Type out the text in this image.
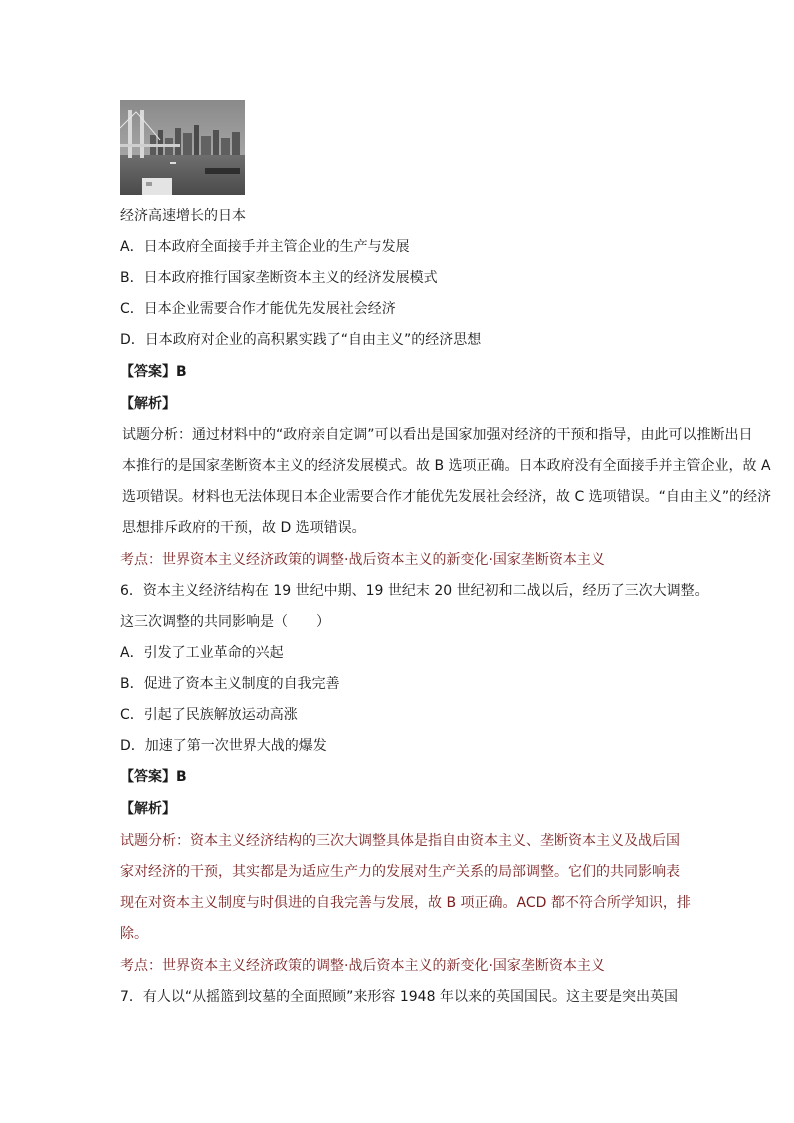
经济高速增长的日本
A．日本政府全面接手并主管企业的生产与发展
B．日本政府推行国家垄断资本主义的经济发展模式
C．日本企业需要合作才能优先发展社会经济
D．日本政府对企业的高积累实践了“自由主义”的经济思想
【答案】B
【解析】
试题分析：通过材料中的“政府亲自定调”可以看出是国家加强对经济的干预和指导，由此可以推断出日
本推行的是国家垄断资本主义的经济发展模式。故 B 选项正确。日本政府没有全面接手并主管企业，故 A
选项错误。材料也无法体现日本企业需要合作才能优先发展社会经济，故 C 选项错误。“自由主义”的经济
思想排斥政府的干预，故 D 选项错误。
考点：世界资本主义经济政策的调整·战后资本主义的新变化·国家垄断资本主义
6．资本主义经济结构在 19 世纪中期、19 世纪末 20 世纪初和二战以后，经历了三次大调整。
这三次调整的共同影响是（　　）
A．引发了工业革命的兴起
B．促进了资本主义制度的自我完善
C．引起了民族解放运动高涨
D．加速了第一次世界大战的爆发
【答案】B
【解析】
试题分析：资本主义经济结构的三次大调整具体是指自由资本主义、垄断资本主义及战后国
家对经济的干预，其实都是为适应生产力的发展对生产关系的局部调整。它们的共同影响表
现在对资本主义制度与时俱进的自我完善与发展，故 B 项正确。ACD 都不符合所学知识，排
除。
考点：世界资本主义经济政策的调整·战后资本主义的新变化·国家垄断资本主义
7．有人以“从摇篮到坟墓的全面照顾”来形容 1948 年以来的英国国民。这主要是突出英国
